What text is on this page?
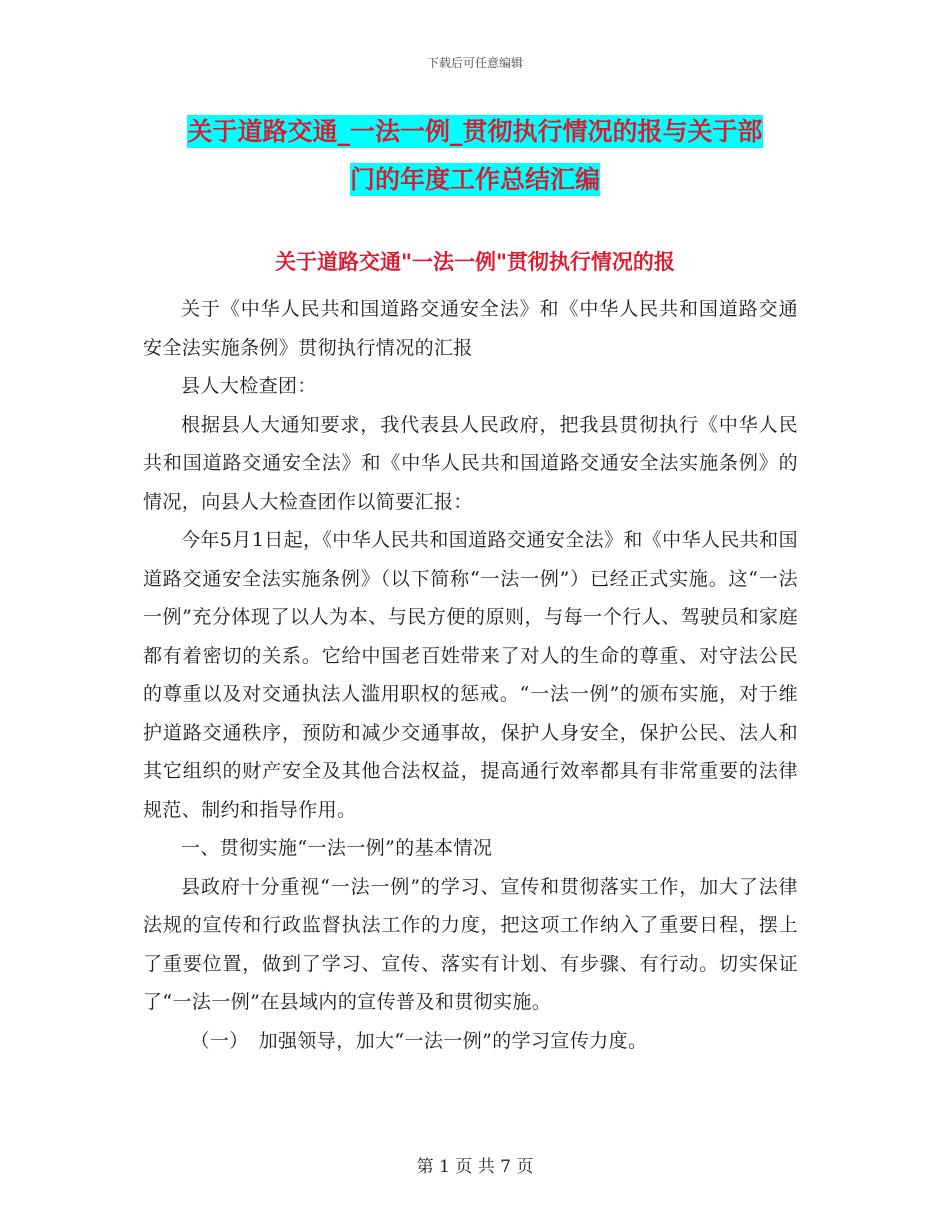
下载后可任意编辑
关于道路交通_一法一例_贯彻执行情况的报与关于部
门的年度工作总结汇编
关于道路交通"一法一例"贯彻执行情况的报

关于《中华人民共和国道路交通安全法》和《中华人民共和国道路交通安全法实施条例》贯彻执行情况的汇报

县人大检查团：

根据县人大通知要求，我代表县人民政府，把我县贯彻执行《中华人民共和国道路交通安全法》和《中华人民共和国道路交通安全法实施条例》的情况，向县人大检查团作以简要汇报：

今年5月1日起，《中华人民共和国道路交通安全法》和《中华人民共和国道路交通安全法实施条例》（以下简称“一法一例”）已经正式实施。这“一法一例”充分体现了以人为本、与民方便的原则，与每一个行人、驾驶员和家庭都有着密切的关系。它给中国老百姓带来了对人的生命的尊重、对守法公民的尊重以及对交通执法人滥用职权的惩戒。“一法一例”的颁布实施，对于维护道路交通秩序，预防和减少交通事故，保护人身安全，保护公民、法人和其它组织的财产安全及其他合法权益，提高通行效率都具有非常重要的法律规范、制约和指导作用。

一、贯彻实施“一法一例”的基本情况

县政府十分重视“一法一例”的学习、宣传和贯彻落实工作，加大了法律法规的宣传和行政监督执法工作的力度，把这项工作纳入了重要日程，摆上了重要位置，做到了学习、宣传、落实有计划、有步骤、有行动。切实保证了“一法一例”在县域内的宣传普及和贯彻实施。

（一）　加强领导，加大“一法一例”的学习宣传力度。

第 1 页 共 7 页
